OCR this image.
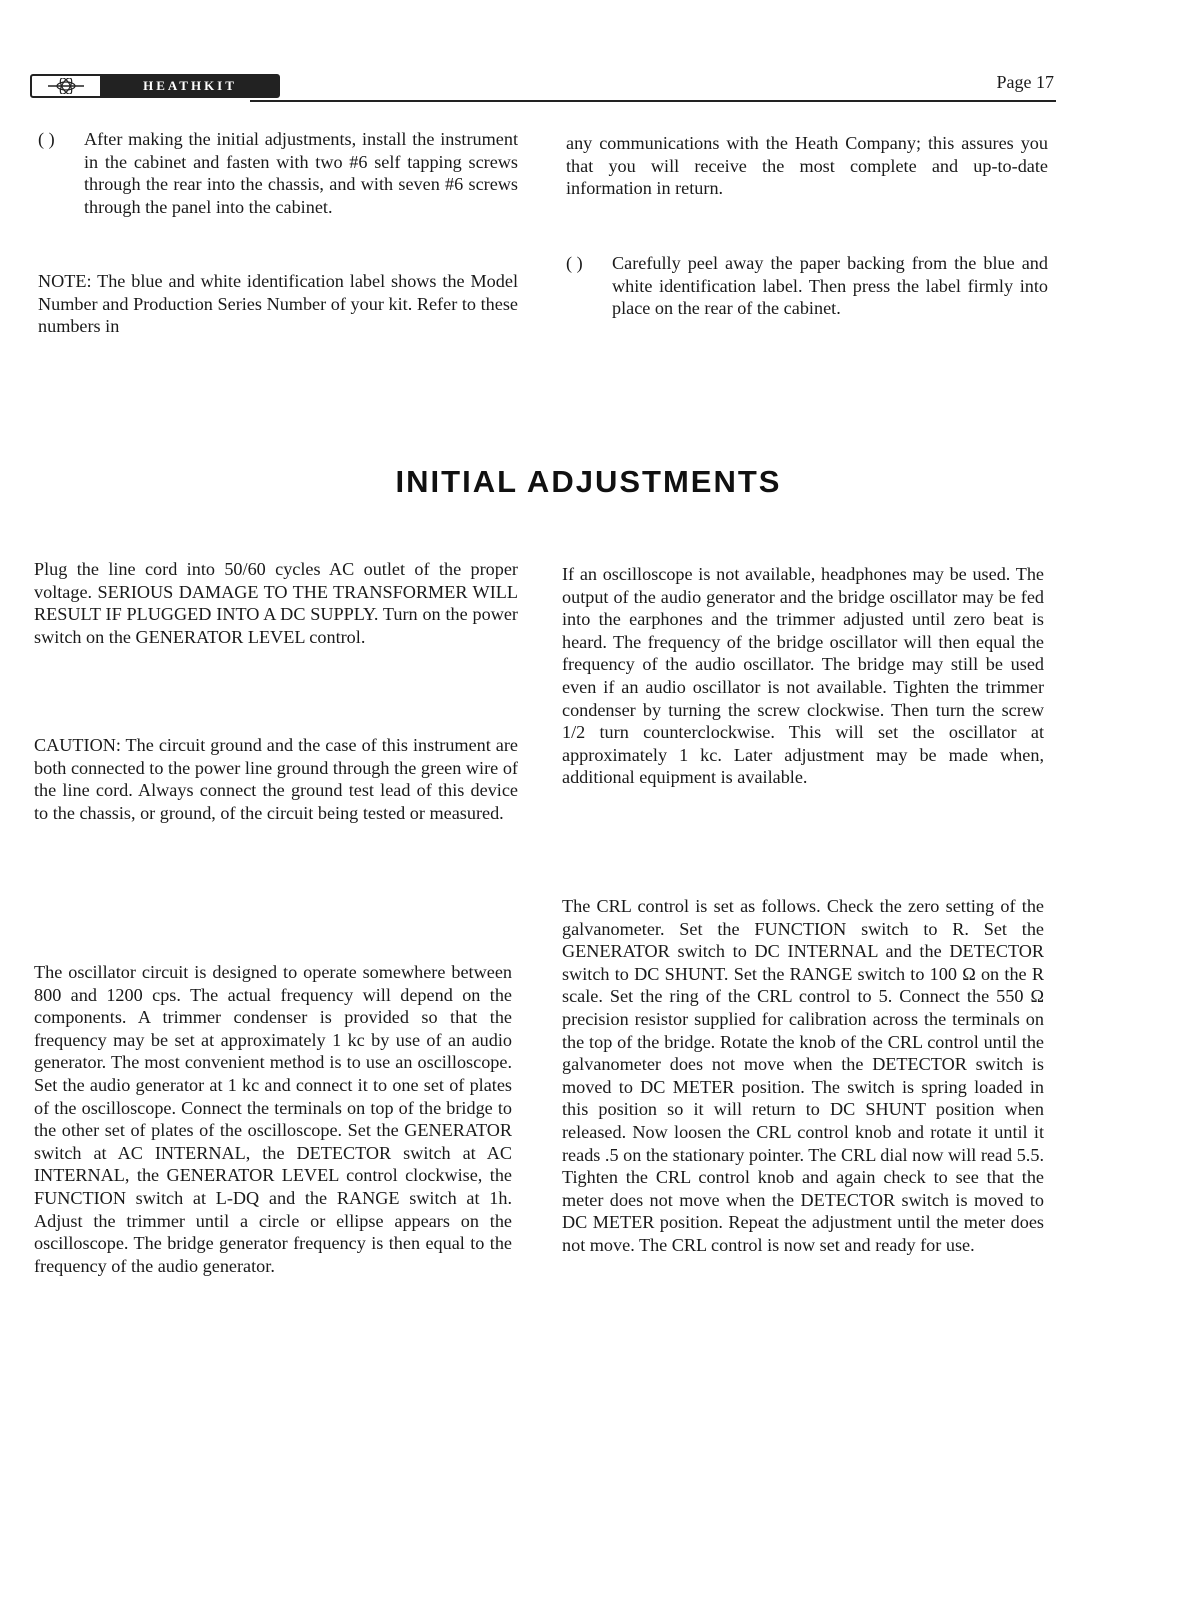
HEATHKIT	Page 17
( )	After making the initial adjustments, install the instrument in the cabinet and fasten with two #6 self tapping screws through the rear into the chassis, and with seven #6 screws through the panel into the cabinet.

NOTE: The blue and white identification label shows the Model Number and Production Series Number of your kit. Refer to these numbers in

any communications with the Heath Company; this assures you that you will receive the most complete and up-to-date information in return.

( )	Carefully peel away the paper backing from the blue and white identification label. Then press the label firmly into place on the rear of the cabinet.
INITIAL ADJUSTMENTS

Plug the line cord into 50/60 cycles AC outlet of the proper voltage. SERIOUS DAMAGE TO THE TRANSFORMER WILL RESULT IF PLUGGED INTO A DC SUPPLY. Turn on the power switch on the GENERATOR LEVEL control.

CAUTION: The circuit ground and the case of this instrument are both connected to the power line ground through the green wire of the line cord. Always connect the ground test lead of this device to the chassis, or ground, of the circuit being tested or measured.

The oscillator circuit is designed to operate somewhere between 800 and 1200 cps. The actual frequency will depend on the components. A trimmer condenser is provided so that the frequency may be set at approximately 1 kc by use of an audio generator. The most convenient method is to use an oscilloscope. Set the audio generator at 1 kc and connect it to one set of plates of the oscilloscope. Connect the terminals on top of the bridge to the other set of plates of the oscilloscope. Set the GENERATOR switch at AC INTERNAL, the DETECTOR switch at AC INTERNAL, the GENERATOR LEVEL control clockwise, the FUNCTION switch at L-DQ and the RANGE switch at 1h. Adjust the trimmer until a circle or ellipse appears on the oscilloscope. The bridge generator frequency is then equal to the frequency of the audio generator.

If an oscilloscope is not available, headphones may be used. The output of the audio generator and the bridge oscillator may be fed into the earphones and the trimmer adjusted until zero beat is heard. The frequency of the bridge oscillator will then equal the frequency of the audio oscillator. The bridge may still be used even if an audio oscillator is not available. Tighten the trimmer condenser by turning the screw clockwise. Then turn the screw 1/2 turn counterclockwise. This will set the oscillator at approximately 1 kc. Later adjustment may be made when, additional equipment is available.

The CRL control is set as follows. Check the zero setting of the galvanometer. Set the FUNCTION switch to R. Set the GENERATOR switch to DC INTERNAL and the DETECTOR switch to DC SHUNT. Set the RANGE switch to 100 Ω on the R scale. Set the ring of the CRL control to 5. Connect the 550 Ω precision resistor supplied for calibration across the terminals on the top of the bridge. Rotate the knob of the CRL control until the galvanometer does not move when the DETECTOR switch is moved to DC METER position. The switch is spring loaded in this position so it will return to DC SHUNT position when released. Now loosen the CRL control knob and rotate it until it reads .5 on the stationary pointer. The CRL dial now will read 5.5. Tighten the CRL control knob and again check to see that the meter does not move when the DETECTOR switch is moved to DC METER position. Repeat the adjustment until the meter does not move. The CRL control is now set and ready for use.
